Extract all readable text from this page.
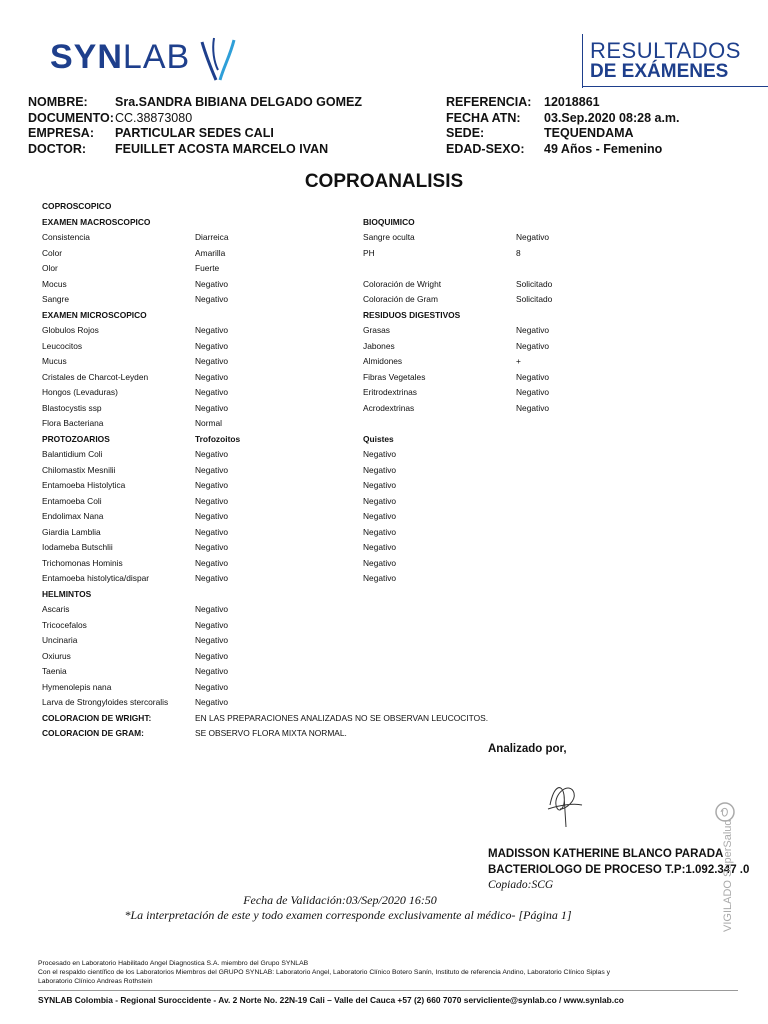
SYNLAB	RESULTADOS
DE EXÁMENES
NOMBRE: Sra.SANDRA BIBIANA DELGADO GOMEZ
DOCUMENTO: CC.38873080
EMPRESA: PARTICULAR SEDES CALI
DOCTOR: FEUILLET ACOSTA MARCELO IVAN
REFERENCIA: 12018861
FECHA ATN: 03.Sep.2020 08:28 a.m.
SEDE:	TEQUENDAMA
EDAD-SEXO: 49 Años - Femenino
COPROANALISIS
COPROSCOPICO
EXAMEN MACROSCOPICO	BIOQUIMICO
Consistencia	Diarreica	Sangre oculta	Negativo
Color	Amarilla	PH	8
Olor	Fuerte
Mocus	Negativo	Coloración de Wright	Solicitado
Sangre	Negativo	Coloración de Gram	Solicitado
EXAMEN MICROSCOPICO	RESIDUOS DIGESTIVOS
Globulos Rojos	Negativo	Grasas	Negativo
Leucocitos	Negativo	Jabones	Negativo
Mucus	Negativo	Almidones	+
Cristales de Charcot-Leyden	Negativo	Fibras Vegetales	Negativo
Hongos (Levaduras)	Negativo	Eritrodextrinas	Negativo
Blastocystis ssp	Negativo	Acrodextrinas	Negativo
Flora Bacteriana	Normal
PROTOZOARIOS	Trofozoitos	Quistes
Balantidium Coli	Negativo	Negativo
Chilomastix Mesnilii	Negativo	Negativo
Entamoeba Histolytica	Negativo	Negativo
Entamoeba Coli	Negativo	Negativo
Endolimax Nana	Negativo	Negativo
Giardia Lamblia	Negativo	Negativo
Iodameba Butschlii	Negativo	Negativo
Trichomonas Hominis	Negativo	Negativo
Entamoeba histolytica/dispar	Negativo	Negativo
HELMINTOS
Ascaris	Negativo
Tricocefalos	Negativo
Uncinaria	Negativo
Oxiurus	Negativo
Taenia	Negativo
Hymenolepis nana	Negativo
Larva de Strongyloides stercoralis	Negativo
COLORACION DE WRIGHT:	EN LAS PREPARACIONES ANALIZADAS NO SE OBSERVAN LEUCOCITOS.
COLORACION DE GRAM:	SE OBSERVO FLORA MIXTA NORMAL.
Analizado por,
MADISSON KATHERINE BLANCO PARADA
BACTERIOLOGO DE PROCESO T.P:1.092.347 .0
Copiado:SCG
Fecha de Validación:03/Sep/2020 16:50
*La interpretación de este y todo examen corresponde exclusivamente al médico- [Página 1]	VIGILADO SuperSalud
Procesado en Laboratorio Habilitado Angel Diagnostica S.A. miembro del Grupo SYNLAB
Con el respaldo científico de los Laboratorios Miembros del GRUPO SYNLAB: Laboratorio Angel, Laboratorio Clínico Botero Sanín, Instituto de referencia Andino, Laboratorio Clínico Siplas y
Laboratorio Clínico Andreas Rothstein
SYNLAB Colombia - Regional Suroccidente - Av. 2 Norte No. 22N-19 Cali – Valle del Cauca +57 (2) 660 7070 servicliente@synlab.co / www.synlab.co
